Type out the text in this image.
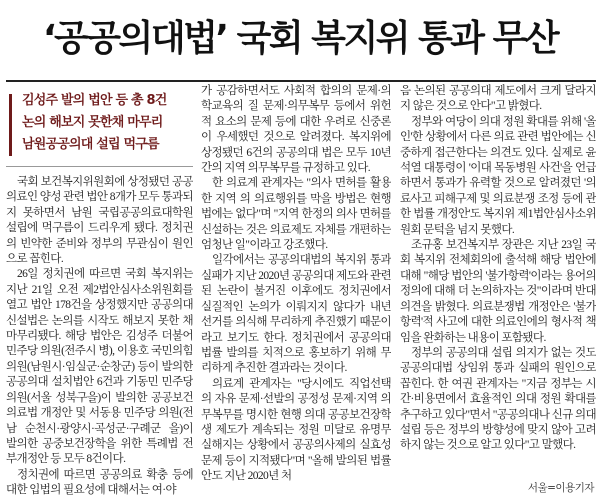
‘공공의대법’ 국회 복지위 통과 무산
김성주 발의 법안 등 총 8건
논의 해보지 못한채 마무리
남원공공의대 설립 먹구름

국회 보건복지위원회에 상정됐던 공공의료인 양성 관련 법안 8개가 모두 통과되지 못하면서 남원 국립공공의료대학원 설립에 먹구름이 드리우게 됐다. 정치권의 빈약한 준비와 정부의 무관심이 원인으로 꼽힌다.

26일 정치권에 따르면 국회 복지위는 지난 21일 오전 제2법안심사소위원회를 열고 법안 178건을 상정했지만 공공의대 신설법은 논의를 시작도 해보지 못한 채 마무리됐다. 해당 법안은 김성주 더불어민주당 의원(전주시 병), 이용호 국민의힘 의원(남원시·임실군·순창군) 등이 발의한 공공의대 설치법안 6건과 기동민 민주당 의원(서울 성북구을)이 발의한 공공보건의료법 개정안 및 서동용 민주당 의원(전남 순천시·광양시·곡성군·구례군 을)이 발의한 공중보건장학을 위한 특례법 전부개정안 등 모두 8건이다.

정치권에 따르면 공공의료 확충 등에 대한 입법의 필요성에 대해서는 여·야

가 공감하면서도 사회적 합의의 문제·의학교육의 질 문제·의무복무 등에서 위헌적 요소의 문제 등에 대한 우려로 신중론이 우세했던 것으로 알려졌다. 복지위에 상정됐던 6건의 공공의대 법은 모두 10년간의 지역 의무복무를 규정하고 있다.

한 의료계 관계자는 "의사 면허를 활용한 지역 의 의료행위를 막을 방법은 현행법에는 없다"며 "지역 한정의 의사 면허를 신설하는 것은 의료제도 자체를 개편하는 엄청난 일"이라고 강조했다.

일각에서는 공공의대법의 복지위 통과 실패가 지난 2020년 공공의대 제도와 관련된 논란이 불거진 이후에도 정치권에서 실질적인 논의가 이뤄지지 않다가 내년 선거를 의식해 무리하게 추진했기 때문이라고 보기도 한다. 정치권에서 공공의대 법률 발의를 치적으로 홍보하기 위해 무리하게 추진한 결과라는 것이다.

의료계 관계자는 "당시에도 직업선택의 자유 문제·선발의 공정성 문제·지역 의무복무를 명시한 현행 의대 공공보건장학생 제도가 계속되는 정원 미달로 유명무실해지는 상황에서 공공의사제의 실효성 문제 등이 지적됐다"며 "올해 발의된 법률안도 지난 2020년 처

음 논의된 공공의대 제도에서 크게 달라지지 않은 것으로 안다"고 밝혔다.

정부와 여당이 의대 정원 확대를 위해 '올인'한 상황에서 다른 의료 관련 법안에는 신중하게 접근한다는 의견도 있다. 실제로 윤석열 대통령이 '이대 목동병원 사건'을 언급하면서 통과가 유력할 것으로 알려졌던 '의료사고 피해구제 및 의료분쟁 조정 등에 관한 법률 개정안'도 복지위 제1법안심사소위원회 문턱을 넘지 못했다.

조규홍 보건복지부 장관은 지난 23일 국회 복지위 전체회의에 출석해 해당 법안에 대해 "해당 법안의 '불가항력'이라는 용어의 정의에 대해 더 논의하자는 것"이라며 반대의견을 밝혔다. 의료분쟁법 개정안은 '불가항력'적 사고에 대한 의료인에의 형사적 책임을 완화하는 내용이 포함됐다.

정부의 공공의대 설립 의지가 없는 것도 공공의대법 상임위 통과 실패의 원인으로 꼽힌다. 한 여권 관계자는 "지금 정부는 시간·비용면에서 효율적인 의대 정원 확대를 추구하고 있다"면서 "공공의대나 신규 의대 설립 등은 정부의 방향성에 맞지 않아 고려하지 않는 것으로 알고 있다"고 말했다.

서울=이용기자
